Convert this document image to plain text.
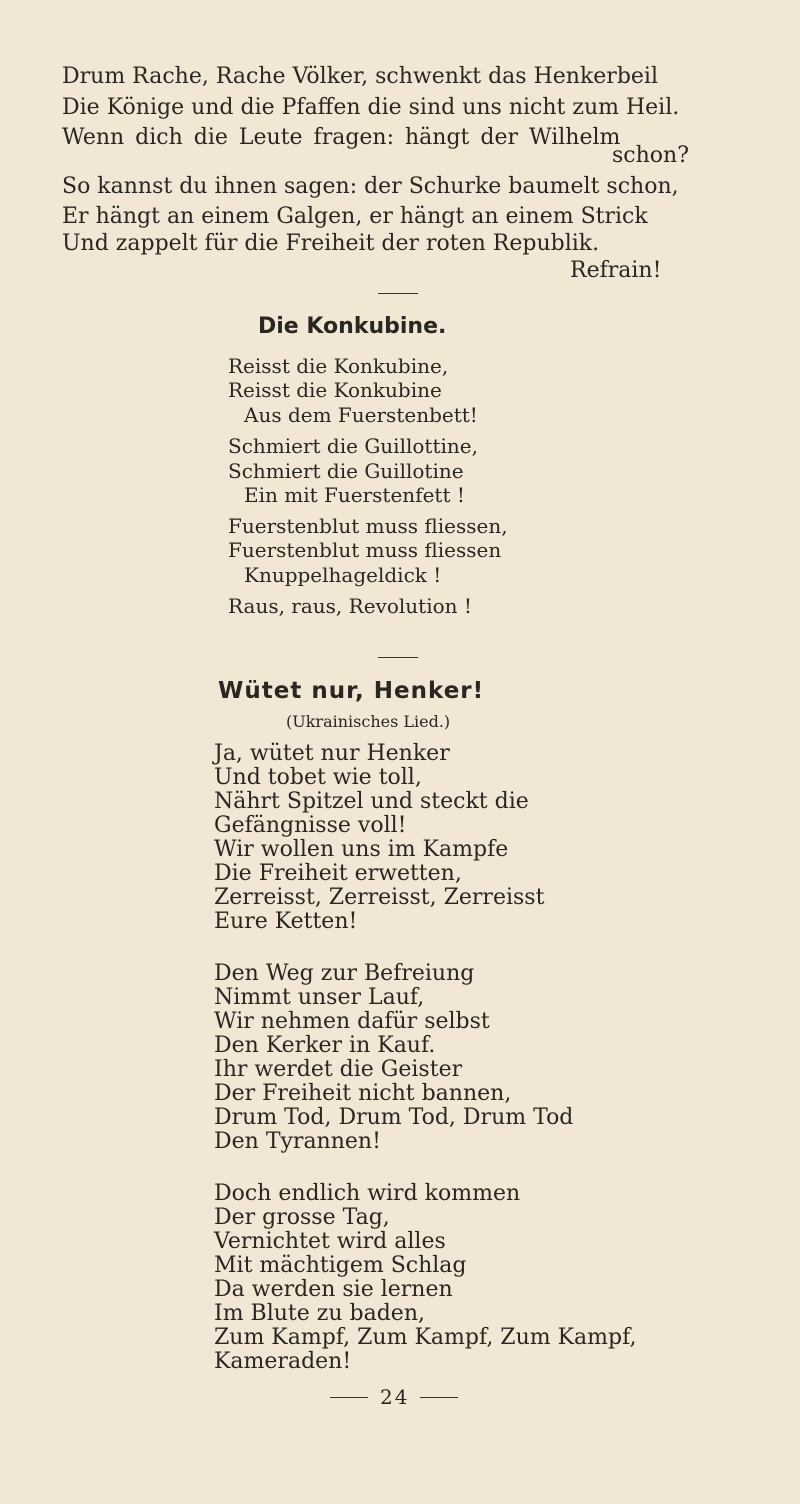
Drum Rache, Rache Völker, schwenkt das Henkerbeil
Die Könige und die Pfaffen die sind uns nicht zum Heil.
Wenn dich die Leute fragen: hängt der Wilhelm
schon?
So kannst du ihnen sagen: der Schurke baumelt schon,
Er hängt an einem Galgen, er hängt an einem Strick
Und zappelt für die Freiheit der roten Republik.
Refrain!
Die Konkubine.
Reisst die Konkubine,
Reisst die Konkubine
Aus dem Fuerstenbett!
Schmiert die Guillottine,
Schmiert die Guillotine
Ein mit Fuerstenfett !
Fuerstenblut muss fliessen,
Fuerstenblut muss fliessen
Knuppelhageldick !
Raus, raus, Revolution !
Wütet nur, Henker!
(Ukrainisches Lied.)
Ja, wütet nur Henker
Und tobet wie toll,
Nährt Spitzel und steckt die
Gefängnisse voll!
Wir wollen uns im Kampfe
Die Freiheit erwetten,
Zerreisst, Zerreisst, Zerreisst
Eure Ketten!
Den Weg zur Befreiung
Nimmt unser Lauf,
Wir nehmen dafür selbst
Den Kerker in Kauf.
Ihr werdet die Geister
Der Freiheit nicht bannen,
Drum Tod, Drum Tod, Drum Tod
Den Tyrannen!
Doch endlich wird kommen
Der grosse Tag,
Vernichtet wird alles
Mit mächtigem Schlag
Da werden sie lernen
Im Blute zu baden,
Zum Kampf, Zum Kampf, Zum Kampf,
Kameraden!
24
